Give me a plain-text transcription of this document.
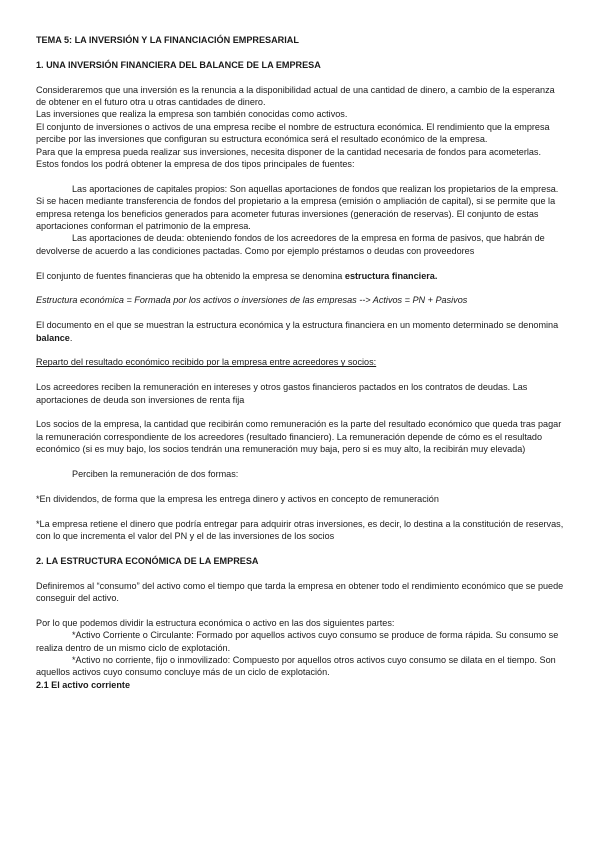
TEMA 5: LA INVERSIÓN Y LA FINANCIACIÓN EMPRESARIAL

1. UNA INVERSIÓN FINANCIERA DEL BALANCE DE LA EMPRESA

Consideraremos que una inversión es la renuncia a la disponibilidad actual de una cantidad de dinero, a cambio de la esperanza de obtener en el futuro otra u otras cantidades de dinero.

Las inversiones que realiza la empresa son también conocidas como activos.

El conjunto de inversiones o activos de una empresa recibe el nombre de estructura económica. El rendimiento que la empresa percibe por las inversiones que configuran su estructura económica será el resultado económico de la empresa.

Para que la empresa pueda realizar sus inversiones, necesita disponer de la cantidad necesaria de fondos para acometerlas. Estos fondos los podrá obtener la empresa de dos tipos principales de fuentes:

Las aportaciones de capitales propios: Son aquellas aportaciones de fondos que realizan los propietarios de la empresa. Si se hacen mediante transferencia de fondos del propietario a la empresa (emisión o ampliación de capital), si se permite que la empresa retenga los beneficios generados para acometer futuras inversiones (generación de reservas). El conjunto de estas aportaciones conforman el patrimonio de la empresa.

Las aportaciones de deuda: obteniendo fondos de los acreedores de la empresa en forma de pasivos, que habrán de devolverse de acuerdo a las condiciones pactadas. Como por ejemplo préstamos o deudas con proveedores

El conjunto de fuentes financieras que ha obtenido la empresa se denomina estructura financiera.

Estructura económica = Formada por los activos o inversiones de las empresas --> Activos = PN + Pasivos

El documento en el que se muestran la estructura económica y la estructura financiera en un momento determinado se denomina balance.

Reparto del resultado económico recibido por la empresa entre acreedores y socios:

Los acreedores reciben la remuneración en intereses y otros gastos financieros pactados en los contratos de deudas. Las aportaciones de deuda son inversiones de renta fija

Los socios de la empresa, la cantidad que recibirán como remuneración es la parte del resultado económico que queda tras pagar la remuneración correspondiente de los acreedores (resultado financiero). La remuneración depende de cómo es el resultado económico (si es muy bajo, los socios tendrán una remuneración muy baja, pero si es muy alto, la recibirán muy elevada)

Perciben la remuneración de dos formas:

*En dividendos, de forma que la empresa les entrega dinero y activos en concepto de remuneración

*La empresa retiene el dinero que podría entregar para adquirir otras inversiones, es decir, lo destina a la constitución de reservas, con lo que incrementa el valor del PN y el de las inversiones de los socios

2. LA ESTRUCTURA ECONÓMICA DE LA EMPRESA

Definiremos al “consumo” del activo como el tiempo que tarda la empresa en obtener todo el rendimiento económico que se puede conseguir del activo.

Por lo que podemos dividir la estructura económica o activo en las dos siguientes partes:

*Activo Corriente o Circulante: Formado por aquellos activos cuyo consumo se produce de forma rápida. Su consumo se realiza dentro de un mismo ciclo de explotación.

*Activo no corriente, fijo o inmovilizado: Compuesto por aquellos otros activos cuyo consumo se dilata en el tiempo. Son aquellos activos cuyo consumo concluye más de un ciclo de explotación.

2.1 El activo corriente
